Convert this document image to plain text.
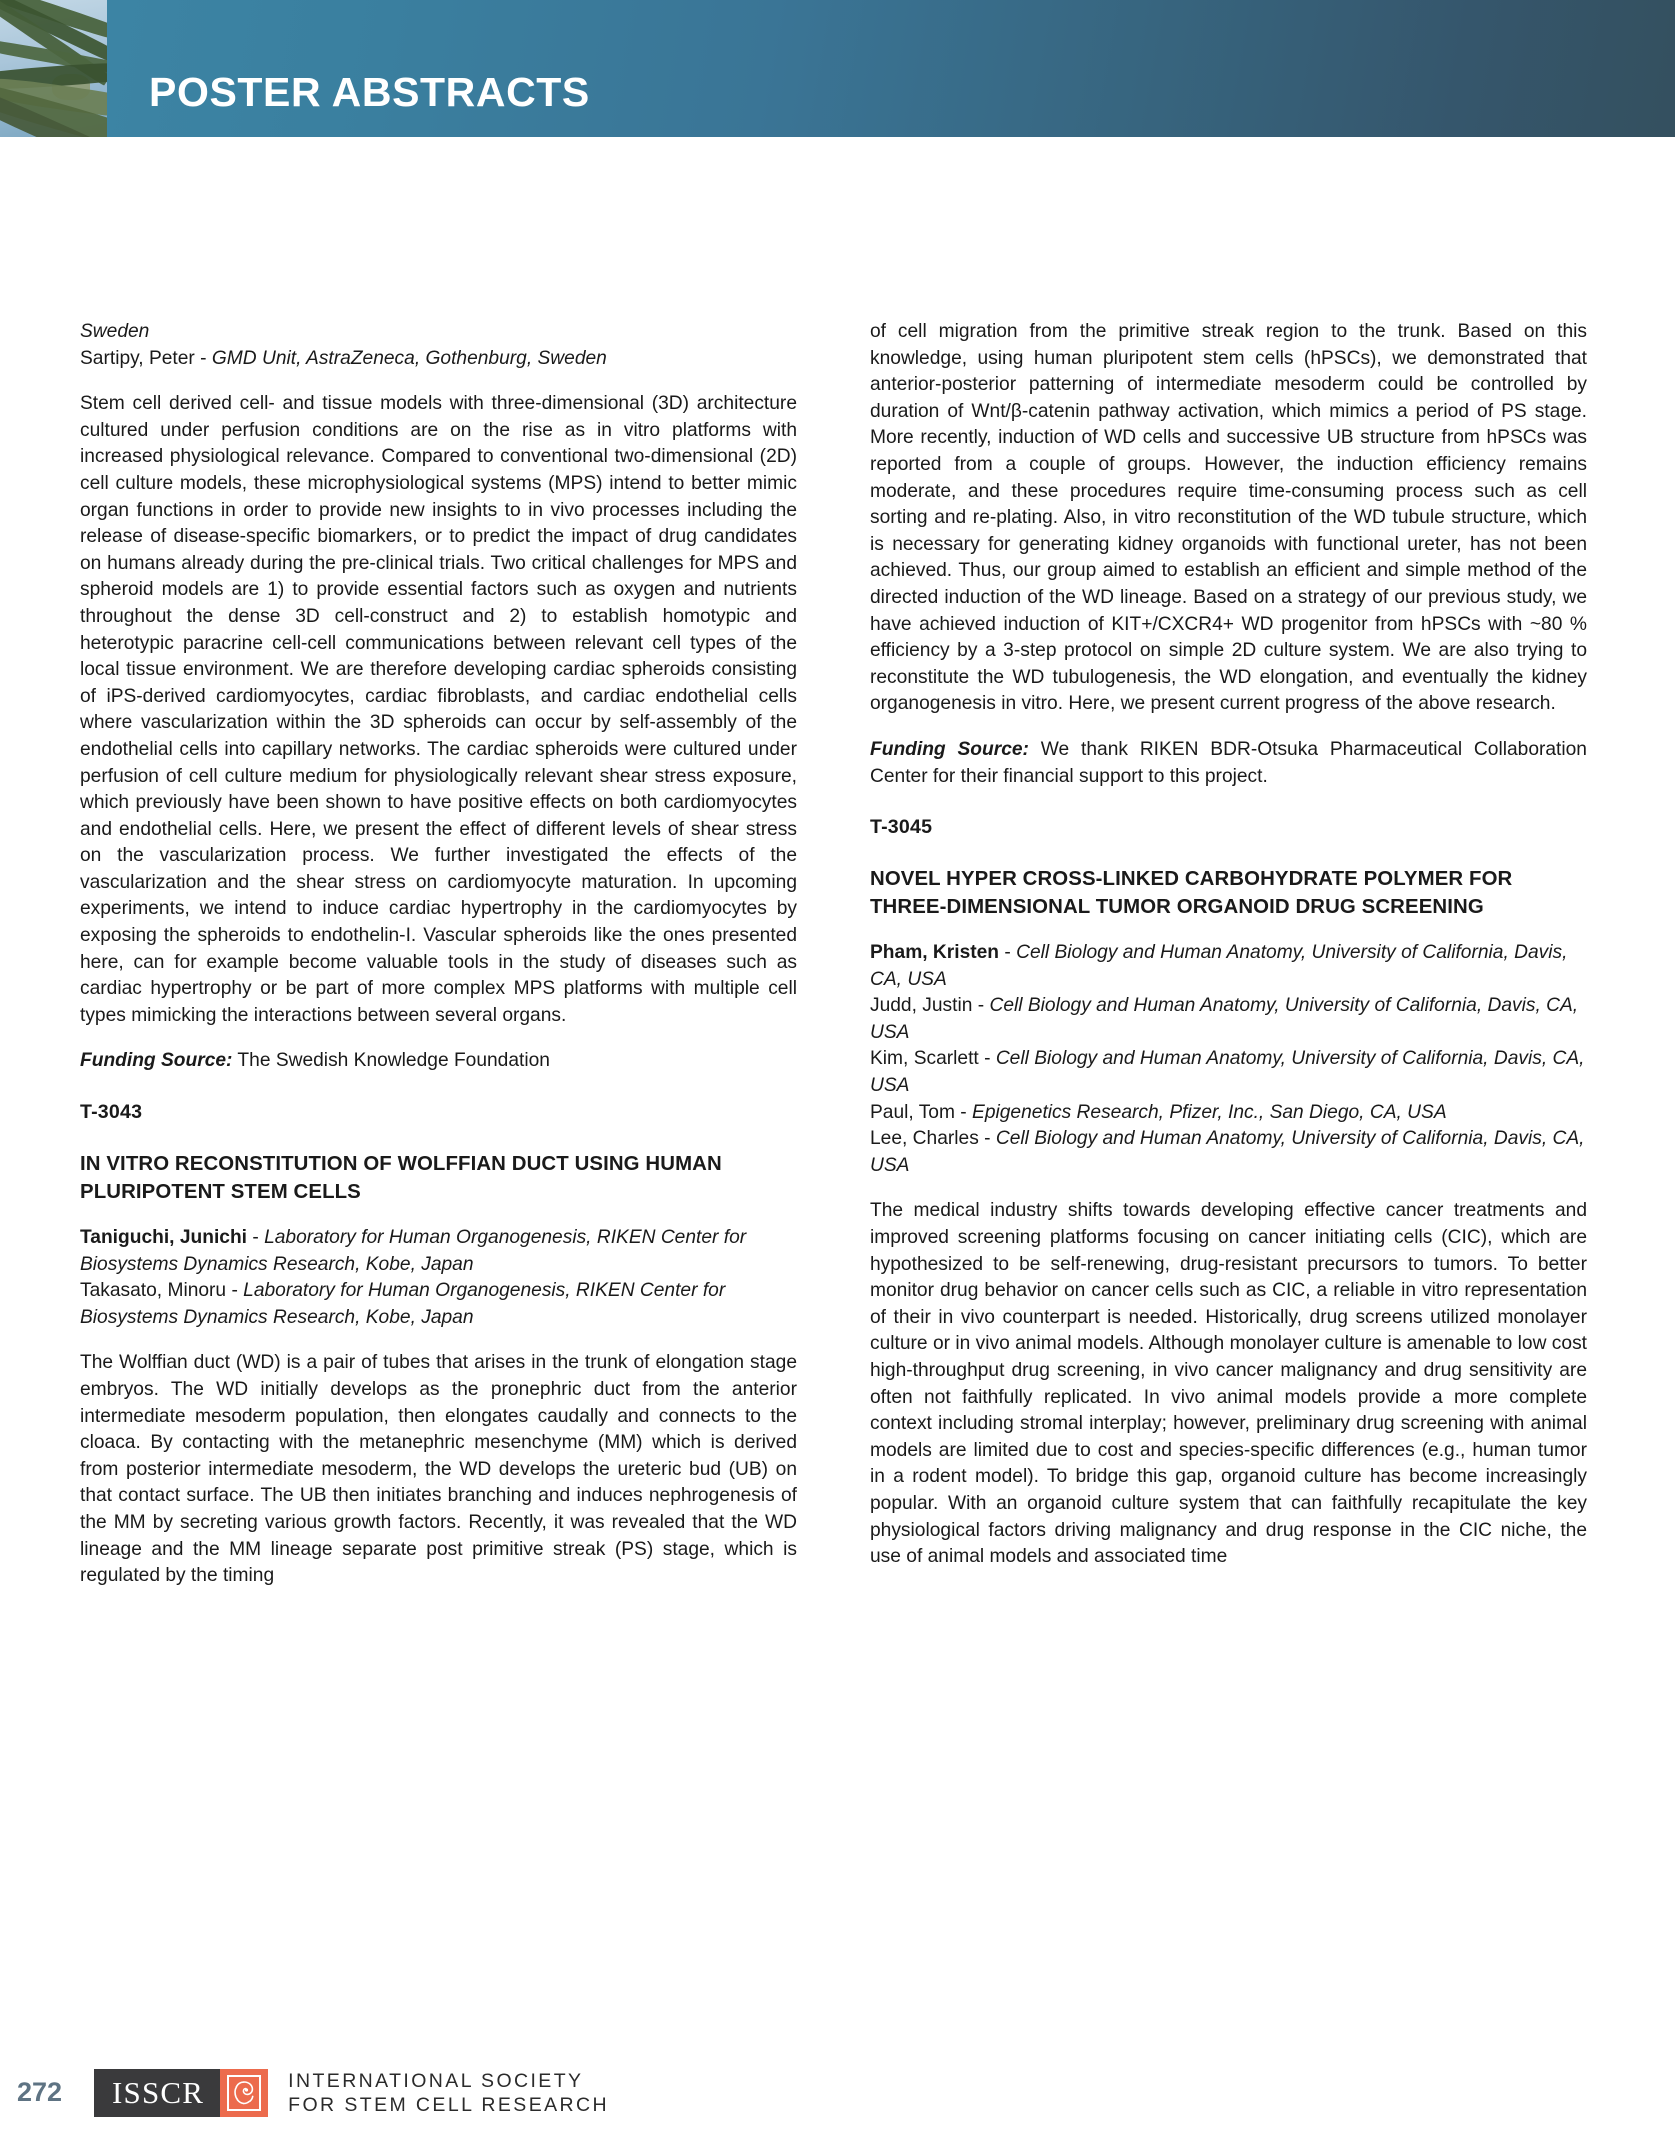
POSTER ABSTRACTS
Sweden
Sartipy, Peter - GMD Unit, AstraZeneca, Gothenburg, Sweden

Stem cell derived cell- and tissue models with three-dimensional (3D) architecture cultured under perfusion conditions are on the rise as in vitro platforms with increased physiological relevance. Compared to conventional two-dimensional (2D) cell culture models, these microphysiological systems (MPS) intend to better mimic organ functions in order to provide new insights to in vivo processes including the release of disease-specific biomarkers, or to predict the impact of drug candidates on humans already during the pre-clinical trials. Two critical challenges for MPS and spheroid models are 1) to provide essential factors such as oxygen and nutrients throughout the dense 3D cell-construct and 2) to establish homotypic and heterotypic paracrine cell-cell communications between relevant cell types of the local tissue environment. We are therefore developing cardiac spheroids consisting of iPS-derived cardiomyocytes, cardiac fibroblasts, and cardiac endothelial cells where vascularization within the 3D spheroids can occur by self-assembly of the endothelial cells into capillary networks. The cardiac spheroids were cultured under perfusion of cell culture medium for physiologically relevant shear stress exposure, which previously have been shown to have positive effects on both cardiomyocytes and endothelial cells. Here, we present the effect of different levels of shear stress on the vascularization process. We further investigated the effects of the vascularization and the shear stress on cardiomyocyte maturation. In upcoming experiments, we intend to induce cardiac hypertrophy in the cardiomyocytes by exposing the spheroids to endothelin-I. Vascular spheroids like the ones presented here, can for example become valuable tools in the study of diseases such as cardiac hypertrophy or be part of more complex MPS platforms with multiple cell types mimicking the interactions between several organs.

Funding Source: The Swedish Knowledge Foundation

T-3043
IN VITRO RECONSTITUTION OF WOLFFIAN DUCT USING HUMAN PLURIPOTENT STEM CELLS
Taniguchi, Junichi - Laboratory for Human Organogenesis, RIKEN Center for Biosystems Dynamics Research, Kobe, Japan
Takasato, Minoru - Laboratory for Human Organogenesis, RIKEN Center for Biosystems Dynamics Research, Kobe, Japan

The Wolffian duct (WD) is a pair of tubes that arises in the trunk of elongation stage embryos. The WD initially develops as the pronephric duct from the anterior intermediate mesoderm population, then elongates caudally and connects to the cloaca. By contacting with the metanephric mesenchyme (MM) which is derived from posterior intermediate mesoderm, the WD develops the ureteric bud (UB) on that contact surface. The UB then initiates branching and induces nephrogenesis of the MM by secreting various growth factors. Recently, it was revealed that the WD lineage and the MM lineage separate post primitive streak (PS) stage, which is regulated by the timing

of cell migration from the primitive streak region to the trunk. Based on this knowledge, using human pluripotent stem cells (hPSCs), we demonstrated that anterior-posterior patterning of intermediate mesoderm could be controlled by duration of Wnt/β-catenin pathway activation, which mimics a period of PS stage. More recently, induction of WD cells and successive UB structure from hPSCs was reported from a couple of groups. However, the induction efficiency remains moderate, and these procedures require time-consuming process such as cell sorting and re-plating. Also, in vitro reconstitution of the WD tubule structure, which is necessary for generating kidney organoids with functional ureter, has not been achieved. Thus, our group aimed to establish an efficient and simple method of the directed induction of the WD lineage. Based on a strategy of our previous study, we have achieved induction of KIT+/CXCR4+ WD progenitor from hPSCs with ~80 % efficiency by a 3-step protocol on simple 2D culture system. We are also trying to reconstitute the WD tubulogenesis, the WD elongation, and eventually the kidney organogenesis in vitro. Here, we present current progress of the above research.

Funding Source: We thank RIKEN BDR-Otsuka Pharmaceutical Collaboration Center for their financial support to this project.

T-3045
NOVEL HYPER CROSS-LINKED CARBOHYDRATE POLYMER FOR THREE-DIMENSIONAL TUMOR ORGANOID DRUG SCREENING
Pham, Kristen - Cell Biology and Human Anatomy, University of California, Davis, CA, USA
Judd, Justin - Cell Biology and Human Anatomy, University of California, Davis, CA, USA
Kim, Scarlett - Cell Biology and Human Anatomy, University of California, Davis, CA, USA
Paul, Tom - Epigenetics Research, Pfizer, Inc., San Diego, CA, USA
Lee, Charles - Cell Biology and Human Anatomy, University of California, Davis, CA, USA

The medical industry shifts towards developing effective cancer treatments and improved screening platforms focusing on cancer initiating cells (CIC), which are hypothesized to be self-renewing, drug-resistant precursors to tumors. To better monitor drug behavior on cancer cells such as CIC, a reliable in vitro representation of their in vivo counterpart is needed. Historically, drug screens utilized monolayer culture or in vivo animal models. Although monolayer culture is amenable to low cost high-throughput drug screening, in vivo cancer malignancy and drug sensitivity are often not faithfully replicated. In vivo animal models provide a more complete context including stromal interplay; however, preliminary drug screening with animal models are limited due to cost and species-specific differences (e.g., human tumor in a rodent model). To bridge this gap, organoid culture has become increasingly popular. With an organoid culture system that can faithfully recapitulate the key physiological factors driving malignancy and drug response in the CIC niche, the use of animal models and associated time

272	ISSCR	INTERNATIONAL SOCIETY
FOR STEM CELL RESEARCH
